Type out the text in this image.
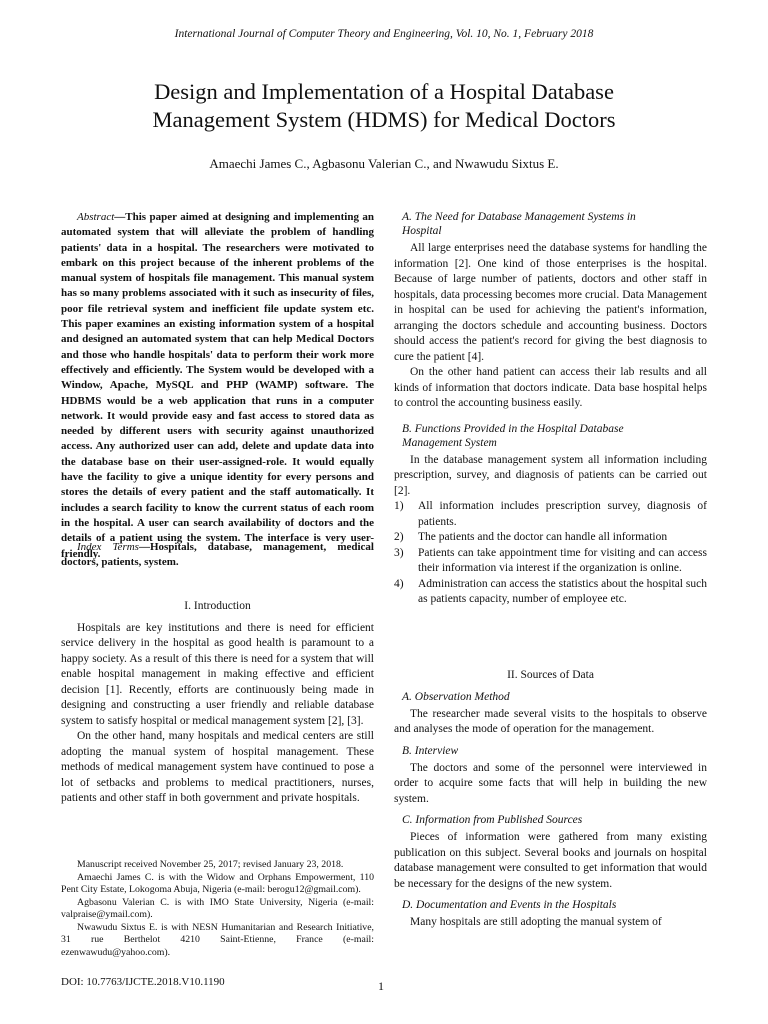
International Journal of Computer Theory and Engineering, Vol. 10, No. 1, February 2018
Design and Implementation of a Hospital Database
Management System (HDMS) for Medical Doctors
Amaechi James C., Agbasonu Valerian C., and Nwawudu Sixtus E.

Abstract—This paper aimed at designing and implementing an automated system that will alleviate the problem of handling patients' data in a hospital. The researchers were motivated to embark on this project because of the inherent problems of the manual system of hospitals file management. This manual system has so many problems associated with it such as insecurity of files, poor file retrieval system and inefficient file update system etc. This paper examines an existing information system of a hospital and designed an automated system that can help Medical Doctors and those who handle hospitals' data to perform their work more effectively and efficiently. The System would be developed with a Window, Apache, MySQL and PHP (WAMP) software. The HDBMS would be a web application that runs in a computer network. It would provide easy and fast access to stored data as needed by different users with security against unauthorized access. Any authorized user can add, delete and update data into the database base on their user-assigned-role. It would equally have the facility to give a unique identity for every persons and stores the details of every patient and the staff automatically. It includes a search facility to know the current status of each room in the hospital. A user can search availability of doctors and the details of a patient using the system. The interface is very user-friendly.

Index Terms—Hospitals, database, management, medical doctors, patients, system.

I. Introduction

Hospitals are key institutions and there is need for efficient service delivery in the hospital as good health is paramount to a happy society. As a result of this there is need for a system that will enable hospital management in making effective and efficient decision [1]. Recently, efforts are continuously being made in designing and constructing a user friendly and reliable database system to satisfy hospital or medical management system [2], [3].

On the other hand, many hospitals and medical centers are still adopting the manual system of hospital management. These methods of medical management system have continued to pose a lot of setbacks and problems to medical practitioners, nurses, patients and other staff in both government and private hospitals.

Manuscript received November 25, 2017; revised January 23, 2018.

Amaechi James C. is with the Widow and Orphans Empowerment, 110 Pent City Estate, Lokogoma Abuja, Nigeria (e-mail: berogu12@gmail.com).

Agbasonu Valerian C. is with IMO State University, Nigeria (e-mail: valpraise@ymail.com).

Nwawudu Sixtus E. is with NESN Humanitarian and Research Initiative, 31 rue Berthelot 4210 Saint-Etienne, France (e-mail: ezenwawudu@yahoo.com).

A. The Need for Database Management Systems in
Hospital

All large enterprises need the database systems for handling the information [2]. One kind of those enterprises is the hospital. Because of large number of patients, doctors and other staff in hospitals, data processing becomes more crucial. Data Management in hospital can be used for achieving the patient's information, arranging the doctors schedule and accounting business. Doctors should access the patient's record for giving the best diagnosis to cure the patient [4].

On the other hand patient can access their lab results and all kinds of information that doctors indicate. Data base hospital helps to control the accounting business easily.

B. Functions Provided in the Hospital Database
Management System

In the database management system all information including prescription, survey, and diagnosis of patients can be carried out [2].

1)	All information includes prescription survey, diagnosis of patients.
2)	The patients and the doctor can handle all information
3)	Patients can take appointment time for visiting and can access their information via interest if the organization is online.
4)	Administration can access the statistics about the hospital such as patients capacity, number of employee etc.

II. Sources of Data

A. Observation Method

The researcher made several visits to the hospitals to observe and analyses the mode of operation for the management.

B. Interview

The doctors and some of the personnel were interviewed in order to acquire some facts that will help in building the new system.

C. Information from Published Sources

Pieces of information were gathered from many existing publication on this subject. Several books and journals on hospital database management were consulted to get information that would be necessary for the designs of the new system.

D. Documentation and Events in the Hospitals

Many hospitals are still adopting the manual system of

DOI: 10.7763/IJCTE.2018.V10.1190	1
